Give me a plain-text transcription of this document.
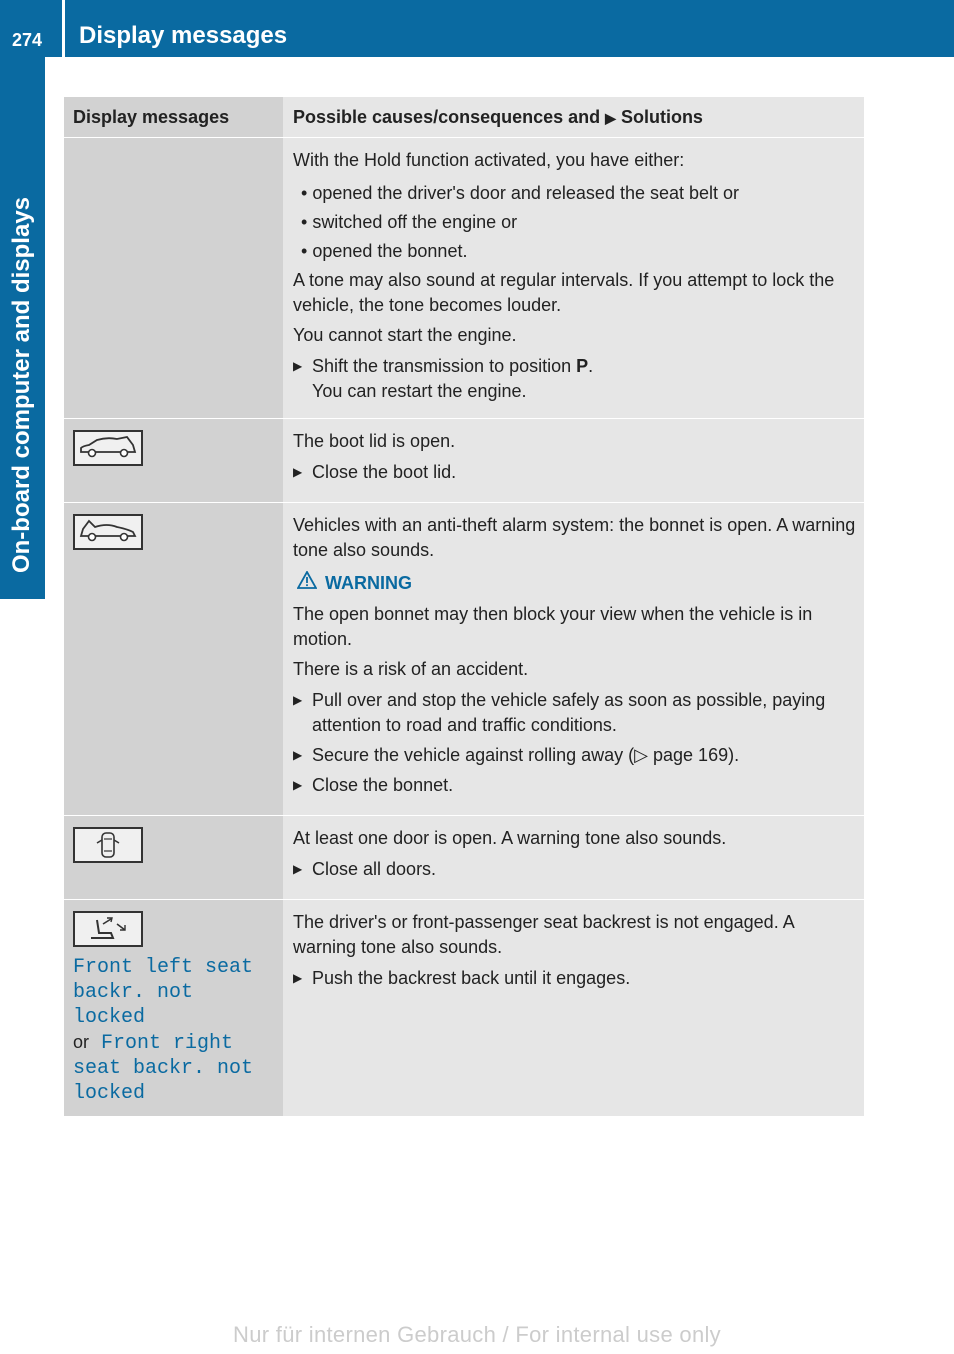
274 Display messages
On-board computer and displays
Display messages	Possible causes/consequences and ▶ Solutions

With the Hold function activated, you have either:

• opened the driver's door and released the seat belt or

• switched off the engine or

• opened the bonnet.

A tone may also sound at regular intervals. If you attempt to lock the vehicle, the tone becomes louder.

You cannot start the engine.

▶ Shift the transmission to position P.
You can restart the engine.

The boot lid is open.

▶ Close the boot lid.

Vehicles with an anti-theft alarm system: the bonnet is open. A warning tone also sounds.

WARNING

The open bonnet may then block your view when the vehicle is in motion.

There is a risk of an accident.

▶ Pull over and stop the vehicle safely as soon as possible, paying attention to road and traffic conditions.
▶ Secure the vehicle against rolling away (▷ page 169).
▶ Close the bonnet.

At least one door is open. A warning tone also sounds.

▶ Close all doors.
Front left seat backr. not locked
or Front right seat backr. not locked

The driver's or front-passenger seat backrest is not engaged. A warning tone also sounds.

▶ Push the backrest back until it engages.
Nur für internen Gebrauch / For internal use only
